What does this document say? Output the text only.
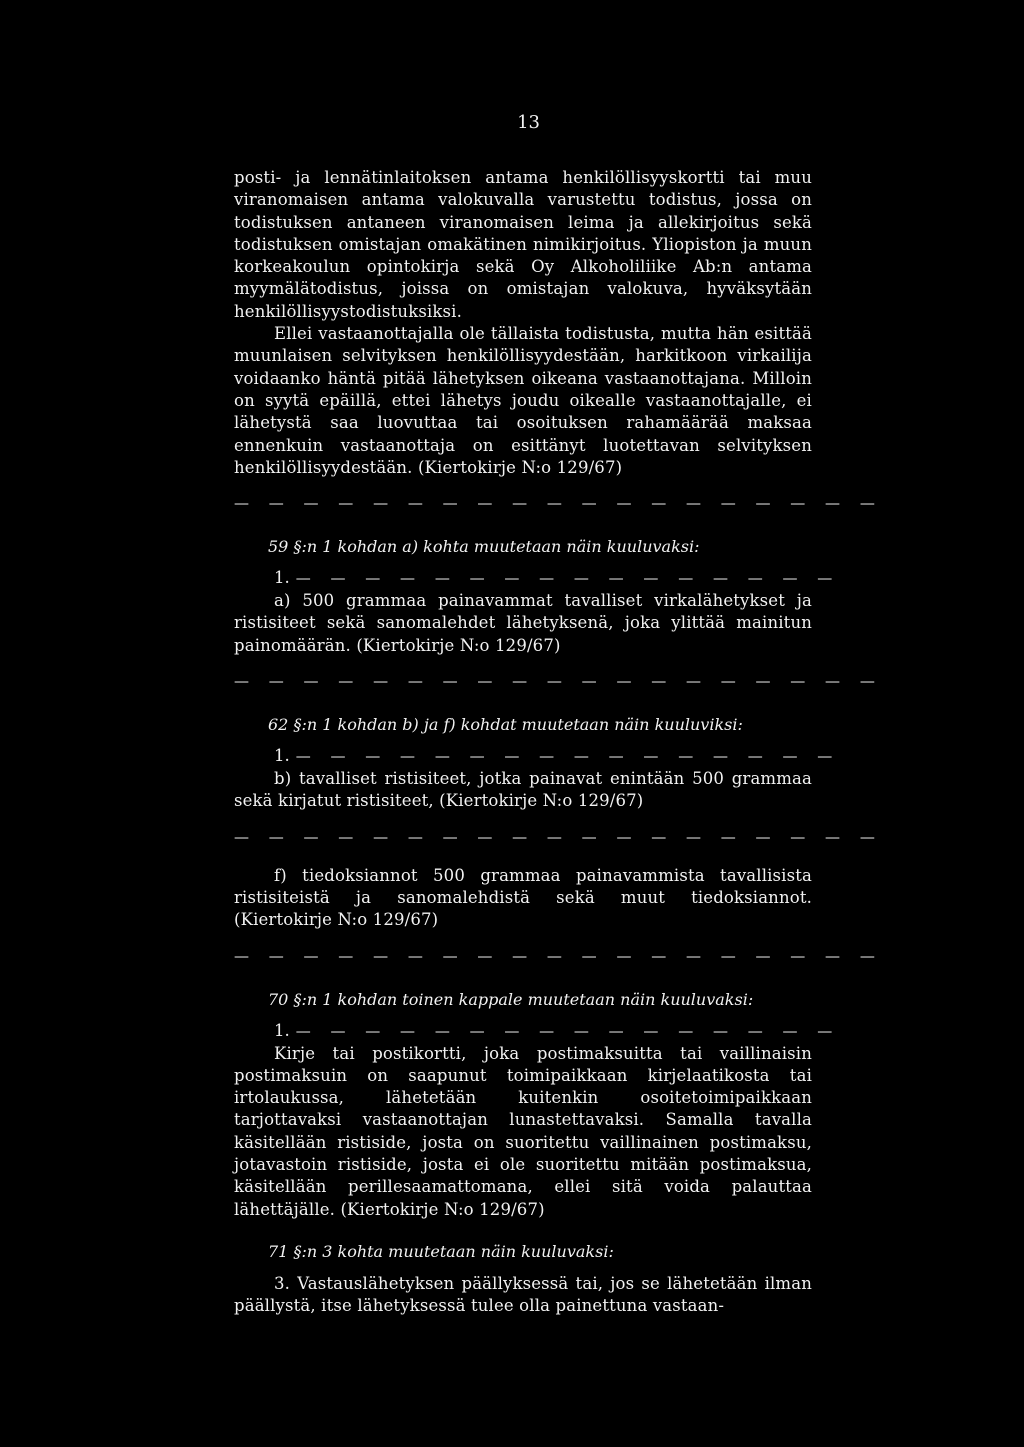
13

posti- ja lennätinlaitoksen antama henkilöllisyyskortti tai muu viranomaisen antama valokuvalla varustettu todistus, jossa on todistuksen antaneen viranomaisen leima ja allekirjoitus sekä todistuksen omistajan omakätinen nimikirjoitus. Yliopiston ja muun korkeakoulun opintokirja sekä Oy Alkoholiliike Ab:n antama myymälätodistus, joissa on omistajan valokuva, hyväksytään henkilöllisyystodistuksiksi.

Ellei vastaanottajalla ole tällaista todistusta, mutta hän esittää muunlaisen selvityksen henkilöllisyydestään, harkitkoon virkailija voidaanko häntä pitää lähetyksen oikeana vastaanottajana. Milloin on syytä epäillä, ettei lähetys joudu oikealle vastaanottajalle, ei lähetystä saa luovuttaa tai osoituksen rahamäärää maksaa ennenkuin vastaanottaja on esittänyt luotettavan selvityksen henkilöllisyydestään. (Kiertokirje N:o 129/67)

— — — — — — — — — — — — — — — — — — —
59 §:n 1 kohdan a) kohta muutetaan näin kuuluvaksi:
1. — — — — — — — — — — — — — — — —

a) 500 grammaa painavammat tavalliset virkalähetykset ja ristisiteet sekä sanomalehdet lähetyksenä, joka ylittää mainitun painomäärän. (Kiertokirje N:o 129/67)

— — — — — — — — — — — — — — — — — — —
62 §:n 1 kohdan b) ja f) kohdat muutetaan näin kuuluviksi:
1. — — — — — — — — — — — — — — — —

b) tavalliset ristisiteet, jotka painavat enintään 500 grammaa sekä kirjatut ristisiteet, (Kiertokirje N:o 129/67)

— — — — — — — — — — — — — — — — — — —

f) tiedoksiannot 500 grammaa painavammista tavallisista ristisiteistä ja sanomalehdistä sekä muut tiedoksiannot. (Kiertokirje N:o 129/67)

— — — — — — — — — — — — — — — — — — —
70 §:n 1 kohdan toinen kappale muutetaan näin kuuluvaksi:
1. — — — — — — — — — — — — — — — —

Kirje tai postikortti, joka postimaksuitta tai vaillinaisin postimaksuin on saapunut toimipaikkaan kirjelaatikosta tai irtolaukussa, lähetetään kuitenkin osoitetoimipaikkaan tarjottavaksi vastaanottajan lunastettavaksi. Samalla tavalla käsitellään ristiside, josta on suoritettu vaillinainen postimaksu, jotavastoin ristiside, josta ei ole suoritettu mitään postimaksua, käsitellään perillesaamattomana, ellei sitä voida palauttaa lähettäjälle. (Kiertokirje N:o 129/67)

71 §:n 3 kohta muutetaan näin kuuluvaksi:

3. Vastauslähetyksen päällyksessä tai, jos se lähetetään ilman päällystä, itse lähetyksessä tulee olla painettuna vastaan-
